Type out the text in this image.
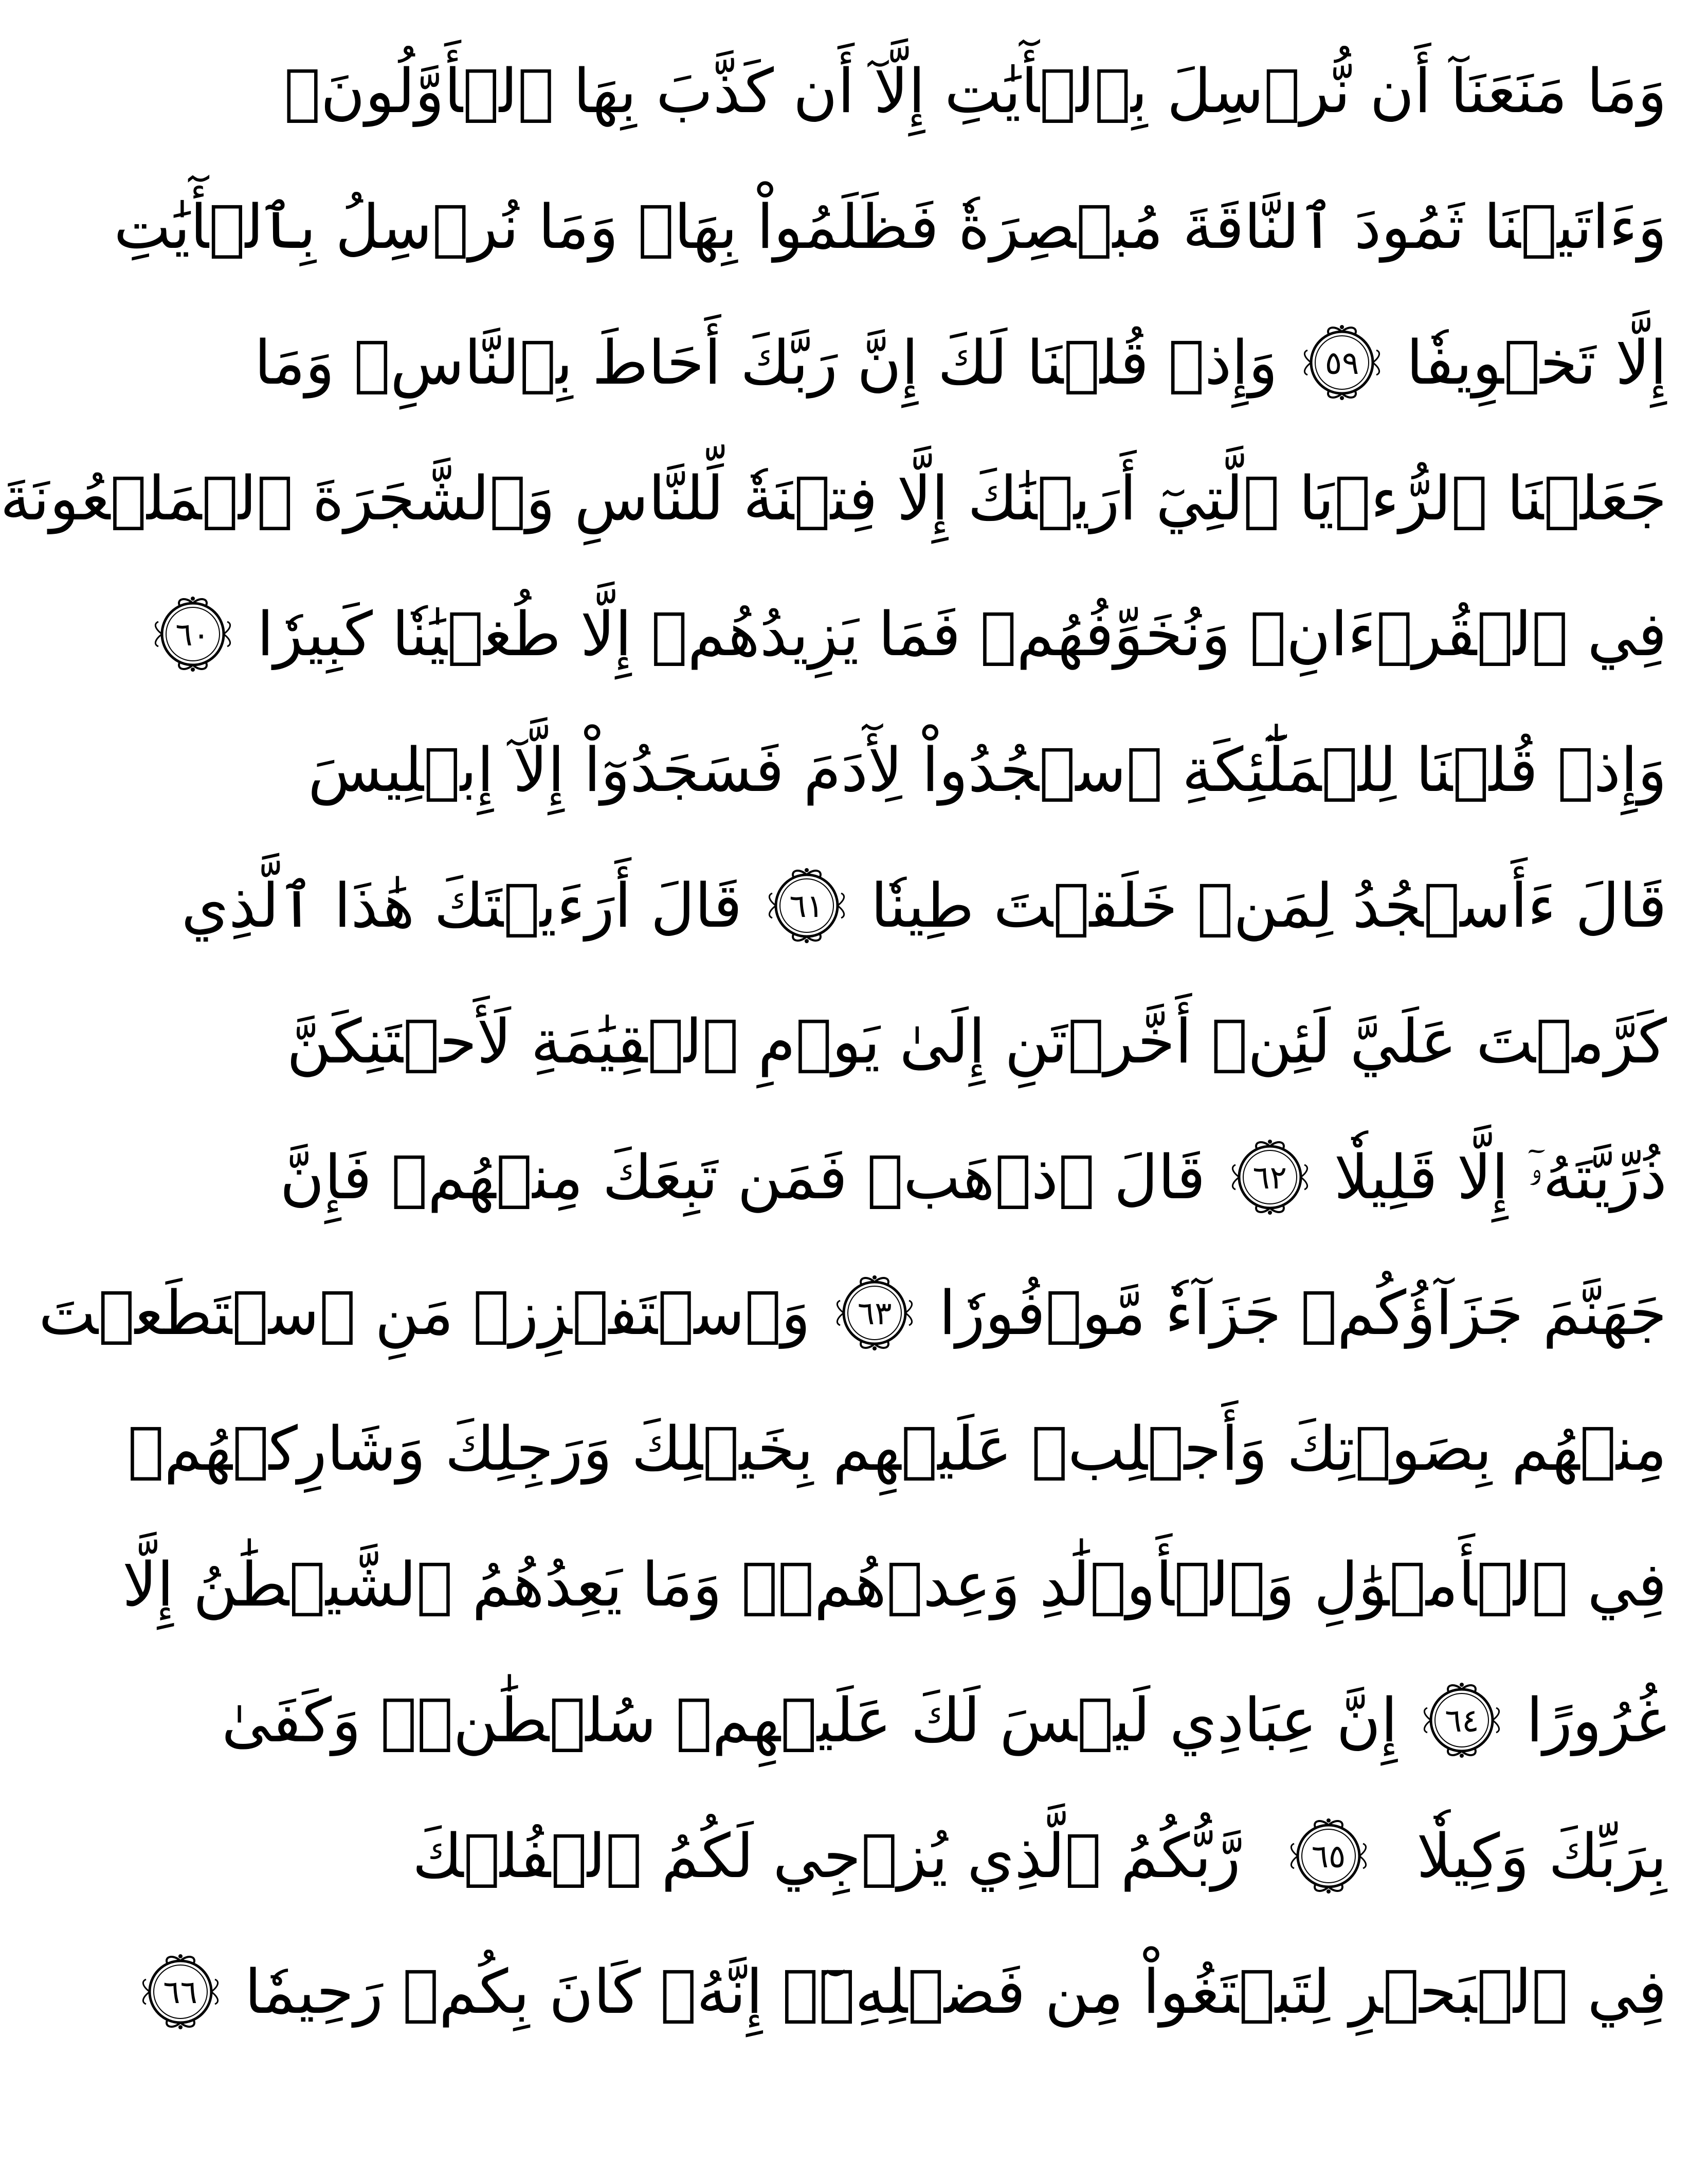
وَمَا مَنَعَنَآ أَن نُّرۡسِلَ بِٱلۡأٓيَٰتِ إِلَّآ أَن كَذَّبَ بِهَا ٱلۡأَوَّلُونَۚ
وَءَاتَيۡنَا ثَمُودَ ٱلنَّاقَةَ مُبۡصِرَةٗ فَظَلَمُواْ بِهَاۚ وَمَا نُرۡسِلُ بِٱلۡأٓيَٰتِ
إِلَّا تَخۡوِيفٗا
٥٩
وَإِذۡ قُلۡنَا لَكَ إِنَّ رَبَّكَ أَحَاطَ بِٱلنَّاسِۚ وَمَا
جَعَلۡنَا ٱلرُّءۡيَا ٱلَّتِيٓ أَرَيۡنَٰكَ إِلَّا فِتۡنَةٗ لِّلنَّاسِ وَٱلشَّجَرَةَ ٱلۡمَلۡعُونَةَ
فِي ٱلۡقُرۡءَانِۚ وَنُخَوِّفُهُمۡ فَمَا يَزِيدُهُمۡ إِلَّا طُغۡيَٰنٗا كَبِيرٗا
٦٠
وَإِذۡ قُلۡنَا لِلۡمَلَٰٓئِكَةِ ٱسۡجُدُواْ لِأٓدَمَ فَسَجَدُوٓاْ إِلَّآ إِبۡلِيسَ
قَالَ ءَأَسۡجُدُ لِمَنۡ خَلَقۡتَ طِينٗا
٦١
قَالَ أَرَءَيۡتَكَ هَٰذَا ٱلَّذِي
كَرَّمۡتَ عَلَيَّ لَئِنۡ أَخَّرۡتَنِ إِلَىٰ يَوۡمِ ٱلۡقِيَٰمَةِ لَأَحۡتَنِكَنَّ
ذُرِّيَّتَهُۥٓ إِلَّا قَلِيلٗا
٦٢
قَالَ ٱذۡهَبۡ فَمَن تَبِعَكَ مِنۡهُمۡ فَإِنَّ
جَهَنَّمَ جَزَآؤُكُمۡ جَزَآءٗ مَّوۡفُورٗا
٦٣
وَٱسۡتَفۡزِزۡ مَنِ ٱسۡتَطَعۡتَ
مِنۡهُم بِصَوۡتِكَ وَأَجۡلِبۡ عَلَيۡهِم بِخَيۡلِكَ وَرَجِلِكَ وَشَارِكۡهُمۡ
فِي ٱلۡأَمۡوَٰلِ وَٱلۡأَوۡلَٰدِ وَعِدۡهُمۡۚ وَمَا يَعِدُهُمُ ٱلشَّيۡطَٰنُ إِلَّا
غُرُورًا
٦٤
إِنَّ عِبَادِي لَيۡسَ لَكَ عَلَيۡهِمۡ سُلۡطَٰنٞۚ وَكَفَىٰ
بِرَبِّكَ وَكِيلٗا
٦٥
رَّبُّكُمُ ٱلَّذِي يُزۡجِي لَكُمُ ٱلۡفُلۡكَ
فِي ٱلۡبَحۡرِ لِتَبۡتَغُواْ مِن فَضۡلِهِۦٓۚ إِنَّهُۥ كَانَ بِكُمۡ رَحِيمٗا
٦٦
